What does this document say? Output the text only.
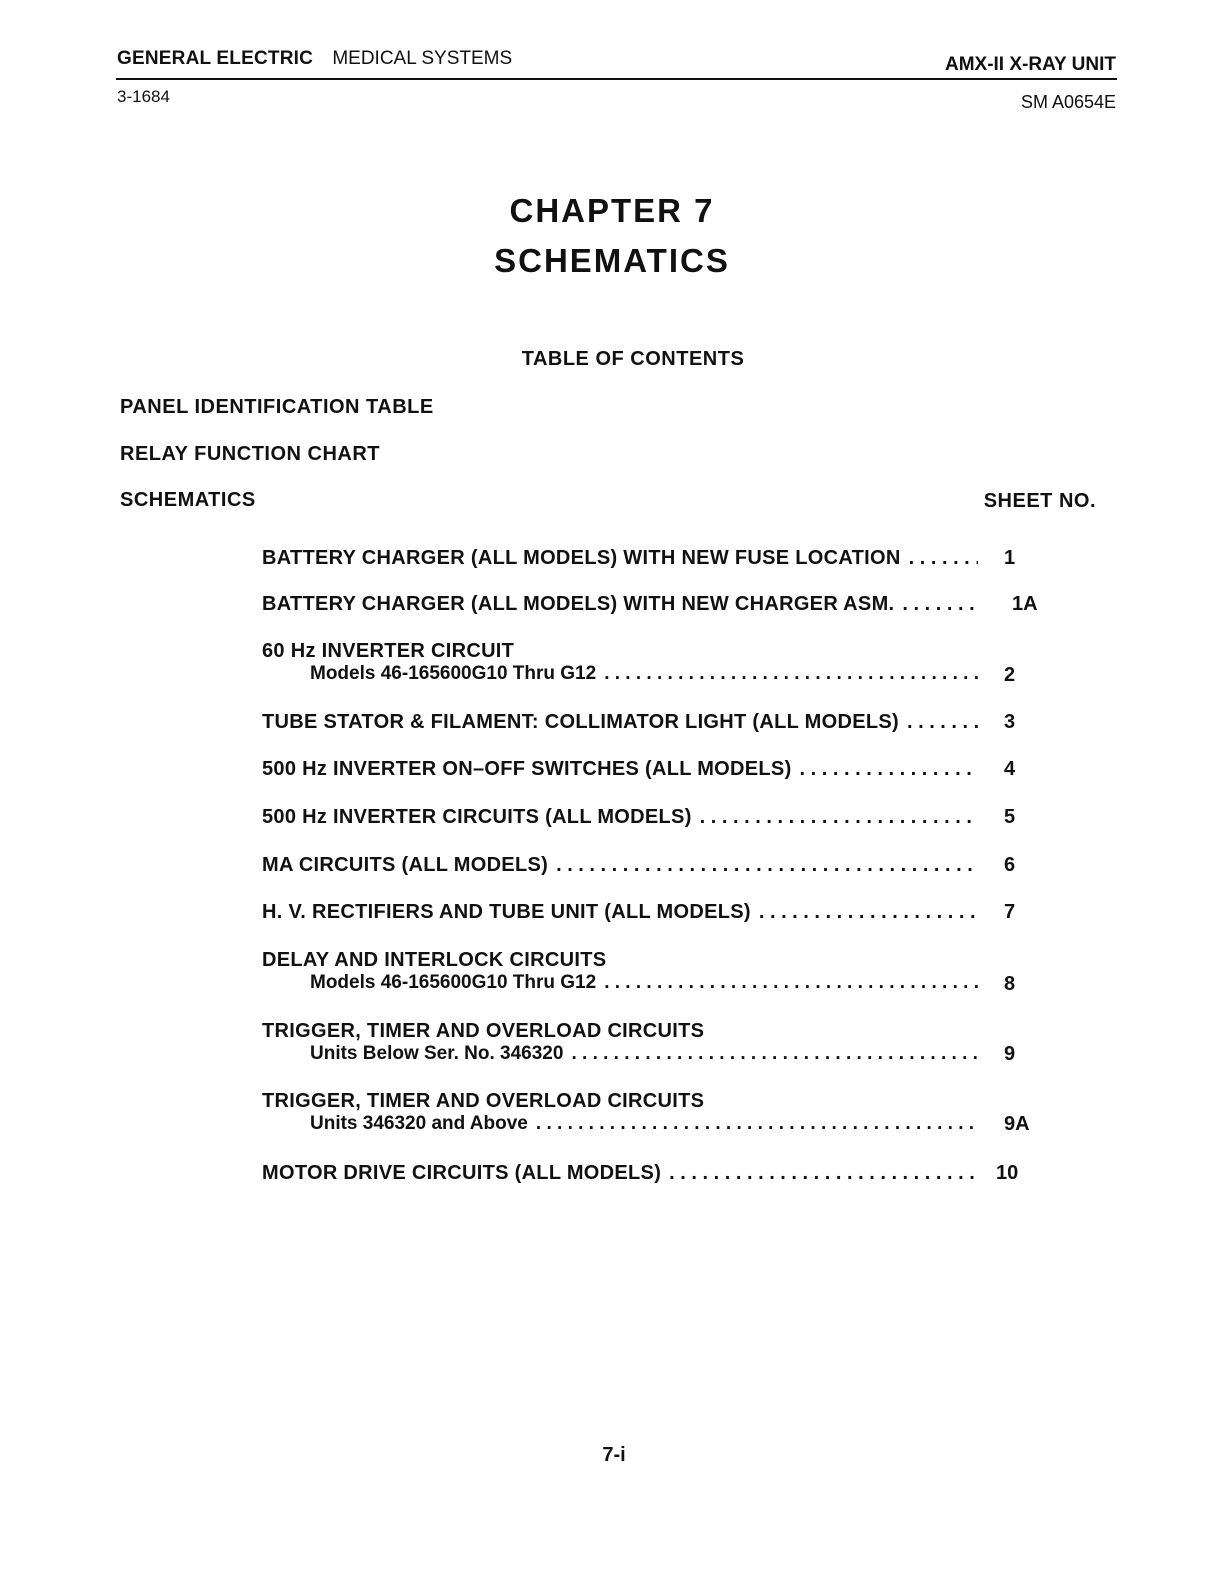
GENERAL ELECTRIC MEDICAL SYSTEMS	AMX-II X-RAY UNIT
3-1684	SM A0654E
CHAPTER 7
SCHEMATICS
TABLE OF CONTENTS
PANEL IDENTIFICATION TABLE
RELAY FUNCTION CHART
SCHEMATICS	SHEET NO.
BATTERY CHARGER (ALL MODELS) WITH NEW FUSE LOCATION . . .	1
BATTERY CHARGER (ALL MODELS) WITH NEW CHARGER ASM. . . .	1A
60 Hz INVERTER CIRCUIT
Models 46-165600G10 Thru G12 . . .	2
TUBE STATOR & FILAMENT: COLLIMATOR LIGHT (ALL MODELS) . . .	3
500 Hz INVERTER ON–OFF SWITCHES (ALL MODELS) . . .	4
500 Hz INVERTER CIRCUITS (ALL MODELS) . . .	5
MA CIRCUITS (ALL MODELS) . . .	6
H. V. RECTIFIERS AND TUBE UNIT (ALL MODELS) . . .	7
DELAY AND INTERLOCK CIRCUITS
Models 46-165600G10 Thru G12 . . .	8
TRIGGER, TIMER AND OVERLOAD CIRCUITS
Units Below Ser. No. 346320 . . .	9
TRIGGER, TIMER AND OVERLOAD CIRCUITS
Units 346320 and Above . . .	9A
MOTOR DRIVE CIRCUITS (ALL MODELS) . . .	10
7-i
